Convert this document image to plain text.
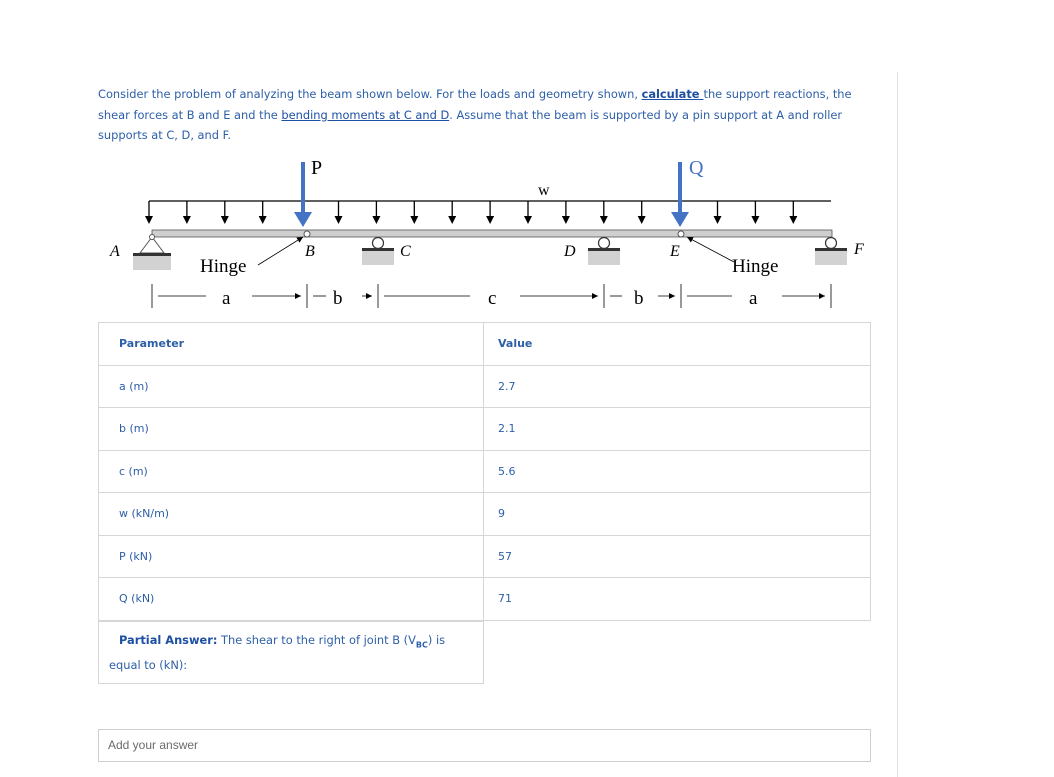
Consider the problem of analyzing the beam shown below. For the loads and geometry shown, calculate the support reactions, the shear forces at B and E and the bending moments at C and D. Assume that the beam is supported by a pin support at A and roller supports at C, D, and F.
P	Q
w
A	B	C	D	E	F
Hinge	Hinge
a	b	c	b	a
Parameter	Value
a (m)	2.7
b (m)	2.1
c (m)	5.6
w (kN/m)	9
P (kN)	57
Q (kN)	71
Partial Answer: The shear to the right of joint B $(V_{BC})$ is equal to (kN):
Add your answer
